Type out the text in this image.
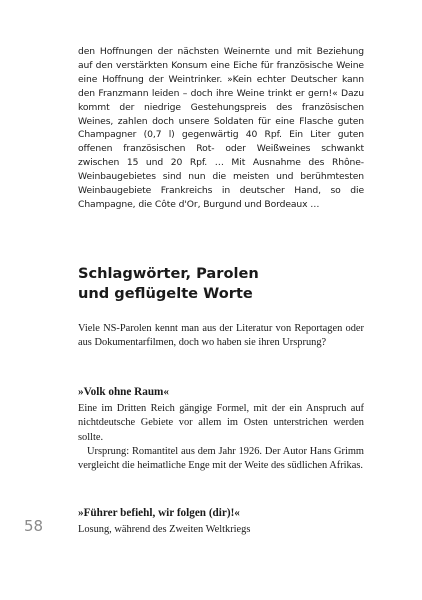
den Hoffnungen der nächsten Weinernte und mit Beziehung auf den verstärkten Konsum eine Eiche für französische Weine eine Hoffnung der Weintrinker. »Kein echter Deutscher kann den Franzmann leiden – doch ihre Weine trinkt er gern!« Dazu kommt der niedrige Gestehungspreis des französischen Weines, zahlen doch unsere Soldaten für eine Flasche guten Champagner (0,7 l) gegenwärtig 40 Rpf. Ein Liter guten offenen französischen Rot- oder Weißweines schwankt zwischen 15 und 20 Rpf. … Mit Ausnahme des Rhône-Weinbaugebietes sind nun die meisten und berühmtesten Weinbaugebiete Frankreichs in deutscher Hand, so die Champagne, die Côte d'Or, Burgund und Bordeaux …
Schlagwörter, Parolen
und geflügelte Worte
Viele NS-Parolen kennt man aus der Literatur von Reportagen oder aus Dokumentarfilmen, doch wo haben sie ihren Ursprung?
»Volk ohne Raum«

Eine im Dritten Reich gängige Formel, mit der ein Anspruch auf nichtdeutsche Gebiete vor allem im Osten unterstrichen werden sollte.

Ursprung: Romantitel aus dem Jahr 1926. Der Autor Hans Grimm vergleicht die heimatliche Enge mit der Weite des südlichen Afrikas.

»Führer befiehl, wir folgen (dir)!«

Losung, während des Zweiten Weltkriegs

58
